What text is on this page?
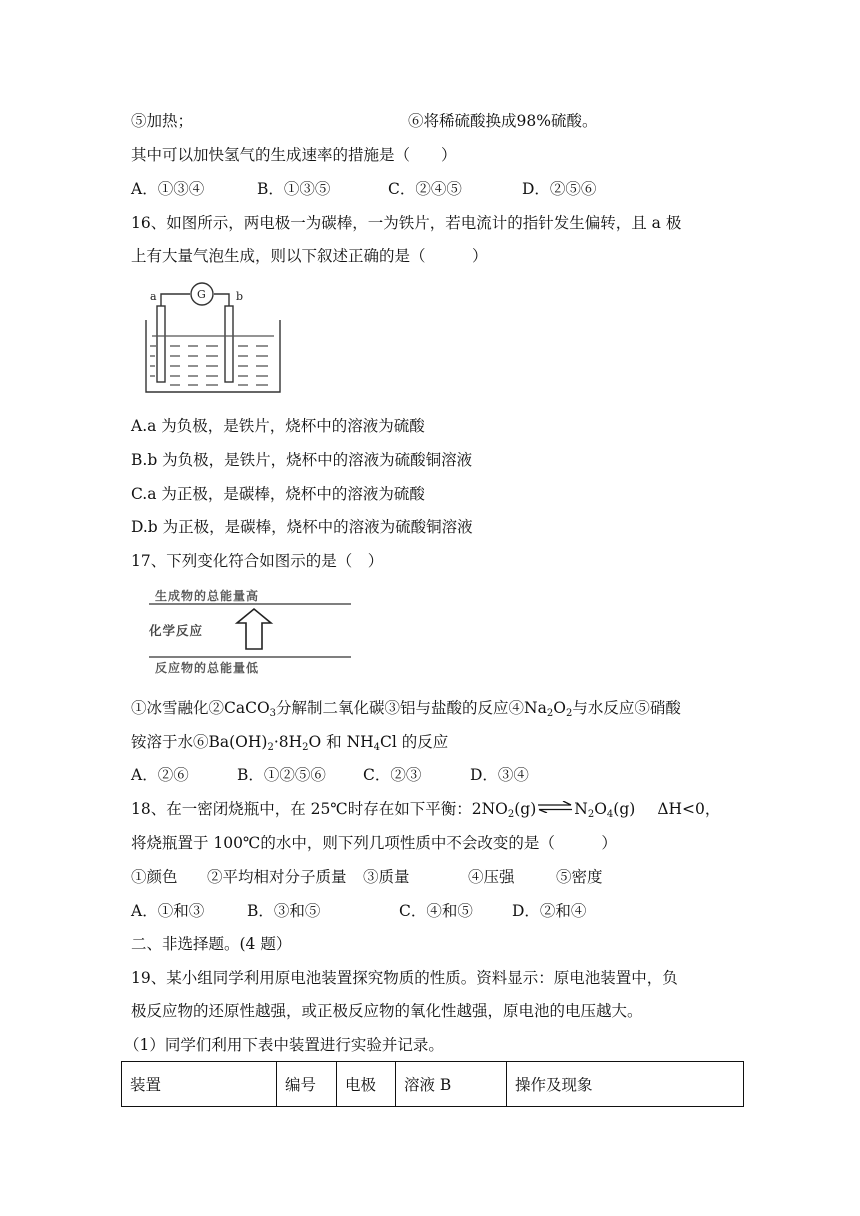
⑤加热；	⑥将稀硫酸换成98%硫酸。
其中可以加快氢气的生成速率的措施是（　　）
A．①③④	B．①③⑤	C．②④⑤	D．②⑤⑥
16、如图所示，两电极一为碳棒，一为铁片，若电流计的指针发生偏转，且 a 极
上有大量气泡生成，则以下叙述正确的是（　　　）
a	b
G
A.a 为负极，是铁片，烧杯中的溶液为硫酸
B.b 为负极，是铁片，烧杯中的溶液为硫酸铜溶液
C.a 为正极，是碳棒，烧杯中的溶液为硫酸
D.b 为正极，是碳棒，烧杯中的溶液为硫酸铜溶液
17、下列变化符合如图示的是（　）
生成物的总能量高
化学反应
反应物的总能量低
①冰雪融化②CaCO$_3$分解制二氧化碳③铝与盐酸的反应$④Na_2O_2$与水反应⑤硝酸
铵溶于水$⑥Ba(OH)_2\cdot 8H_2O$ 和 $NH_4Cl$ 的反应
A．②⑥	B．①②⑤⑥ C．②③	D．③④
18、在一密闭烧瓶中，在 25℃时存在如下平衡：$2NO_2(g)\rightleftharpoons N_2O_4(g)$ ΔH<0，
将烧瓶置于 100℃的水中，则下列几项性质中不会改变的是（　　　）
①颜色 ②平均相对分子质量 ③质量	④压强	⑤密度
A．①和③	B．③和⑤	C．④和⑤	D．②和④
二、非选择题。(4 题）
19、某小组同学利用原电池装置探究物质的性质。资料显示：原电池装置中，负
极反应物的还原性越强，或正极反应物的氧化性越强，原电池的电压越大。
（1）同学们利用下表中装置进行实验并记录。
装置	编号	电极	溶液 B	操作及现象
